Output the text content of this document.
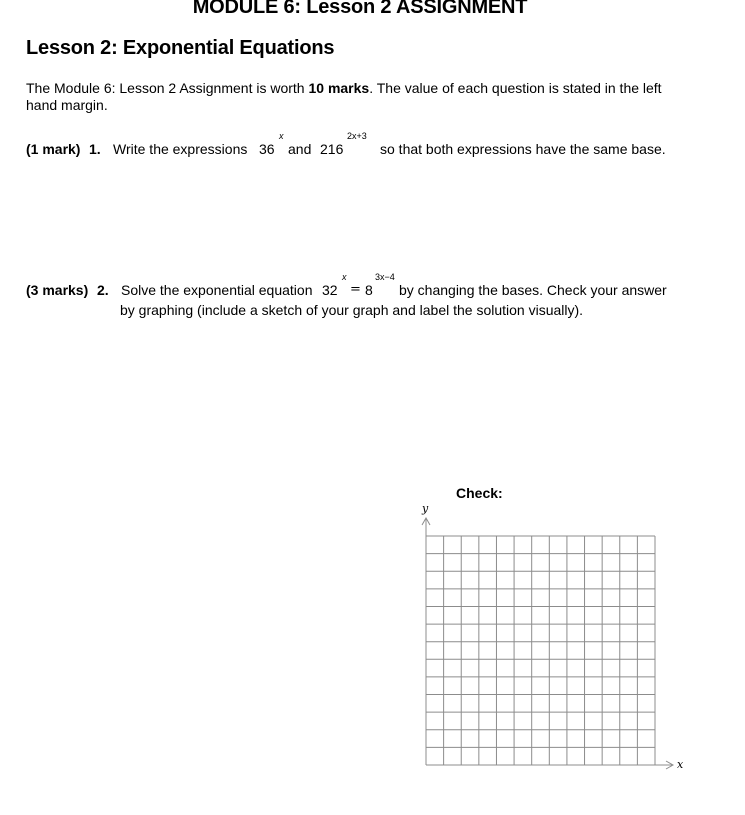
MODULE 6: Lesson 2 ASSIGNMENT
Lesson 2: Exponential Equations
The Module 6: Lesson 2 Assignment is worth 10 marks. The value of each question is stated in the left hand margin.
(1 mark) 1. Write the expressions 36
x
and 216
2x+3
so that both expressions have the same base.
(3 marks) 2. Solve the exponential equation 32
x
= 8
3x−4
by changing the bases. Check your answer
by graphing (include a sketch of your graph and label the solution visually).
Check:
y
x
